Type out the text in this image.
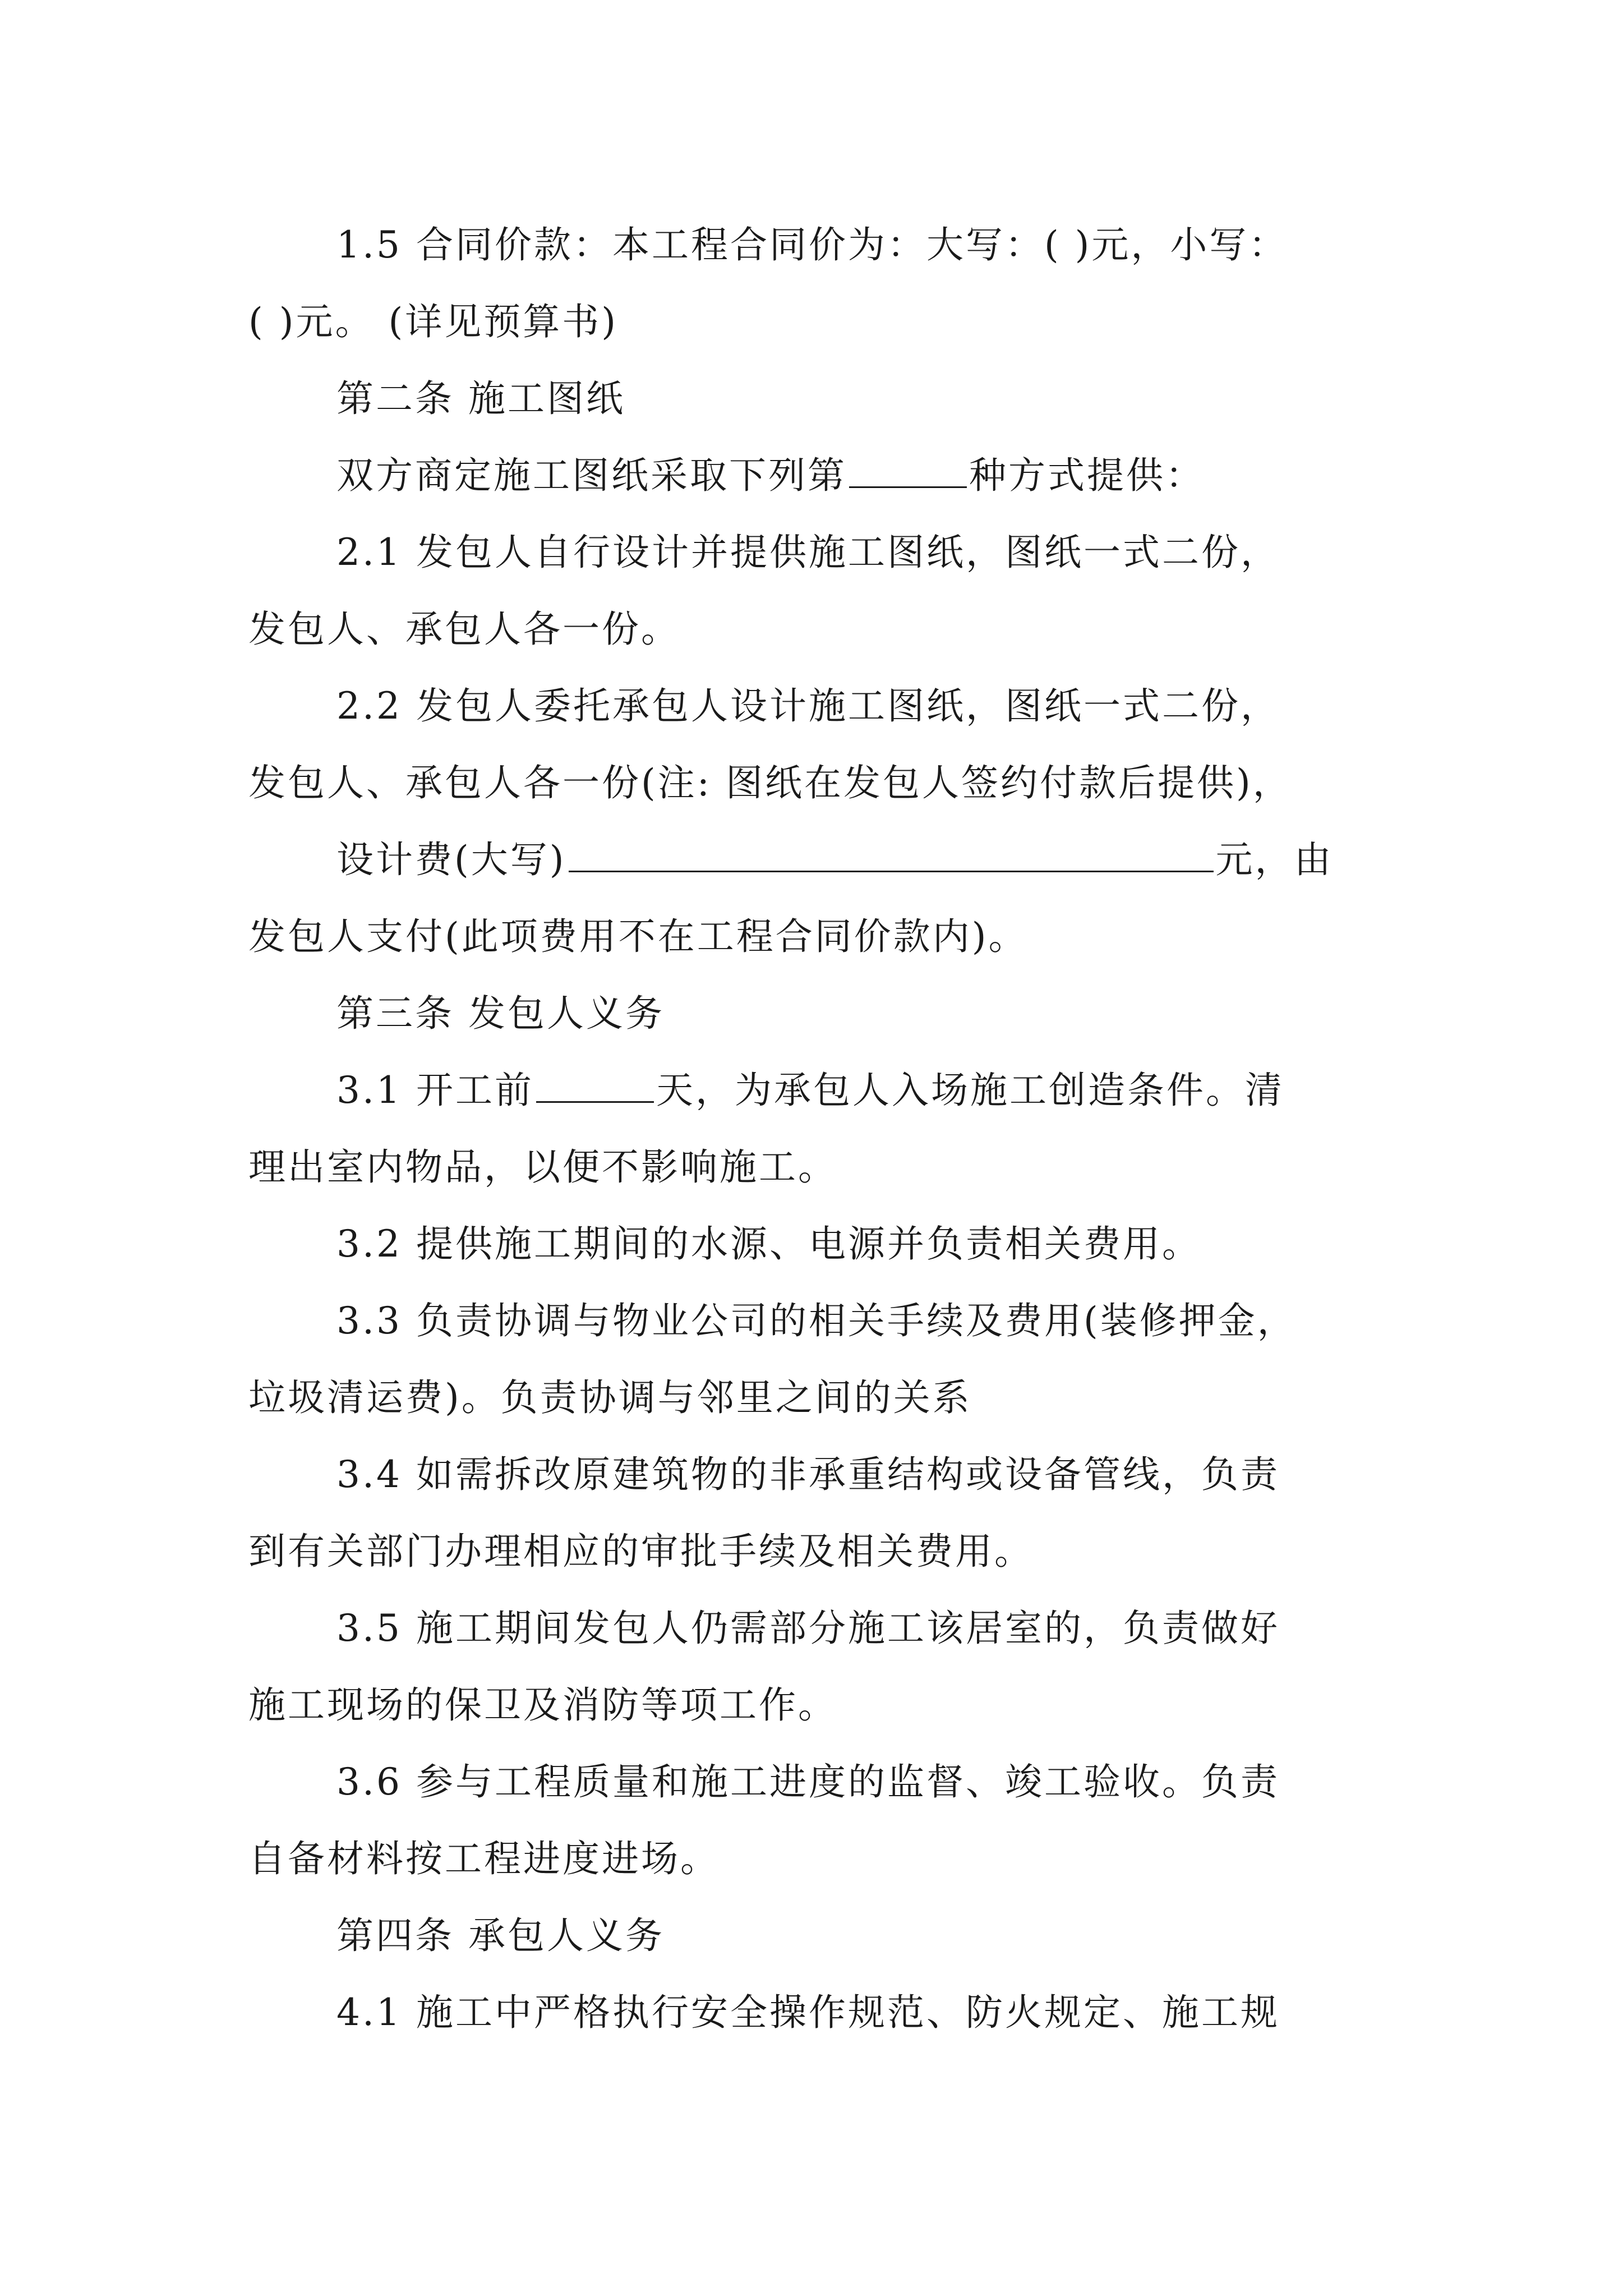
1.5 合同价款：本工程合同价为：大写：( )元，小写：

( )元。 (详见预算书)

第二条 施工图纸

双方商定施工图纸采取下列第	种方式提供：

2.1 发包人自行设计并提供施工图纸，图纸一式二份，

发包人、承包人各一份。

2.2 发包人委托承包人设计施工图纸，图纸一式二份，

发包人、承包人各一份(注: 图纸在发包人签约付款后提供)，

设计费(大写)	元，由

发包人支付(此项费用不在工程合同价款内)。

第三条 发包人义务

3.1 开工前	天，为承包人入场施工创造条件。清

理出室内物品，以便不影响施工。

3.2 提供施工期间的水源、电源并负责相关费用。

3.3 负责协调与物业公司的相关手续及费用(装修押金，

垃圾清运费)。负责协调与邻里之间的关系

3.4 如需拆改原建筑物的非承重结构或设备管线，负责

到有关部门办理相应的审批手续及相关费用。

3.5 施工期间发包人仍需部分施工该居室的，负责做好

施工现场的保卫及消防等项工作。

3.6 参与工程质量和施工进度的监督、竣工验收。负责

自备材料按工程进度进场。

第四条 承包人义务

4.1 施工中严格执行安全操作规范、防火规定、施工规
